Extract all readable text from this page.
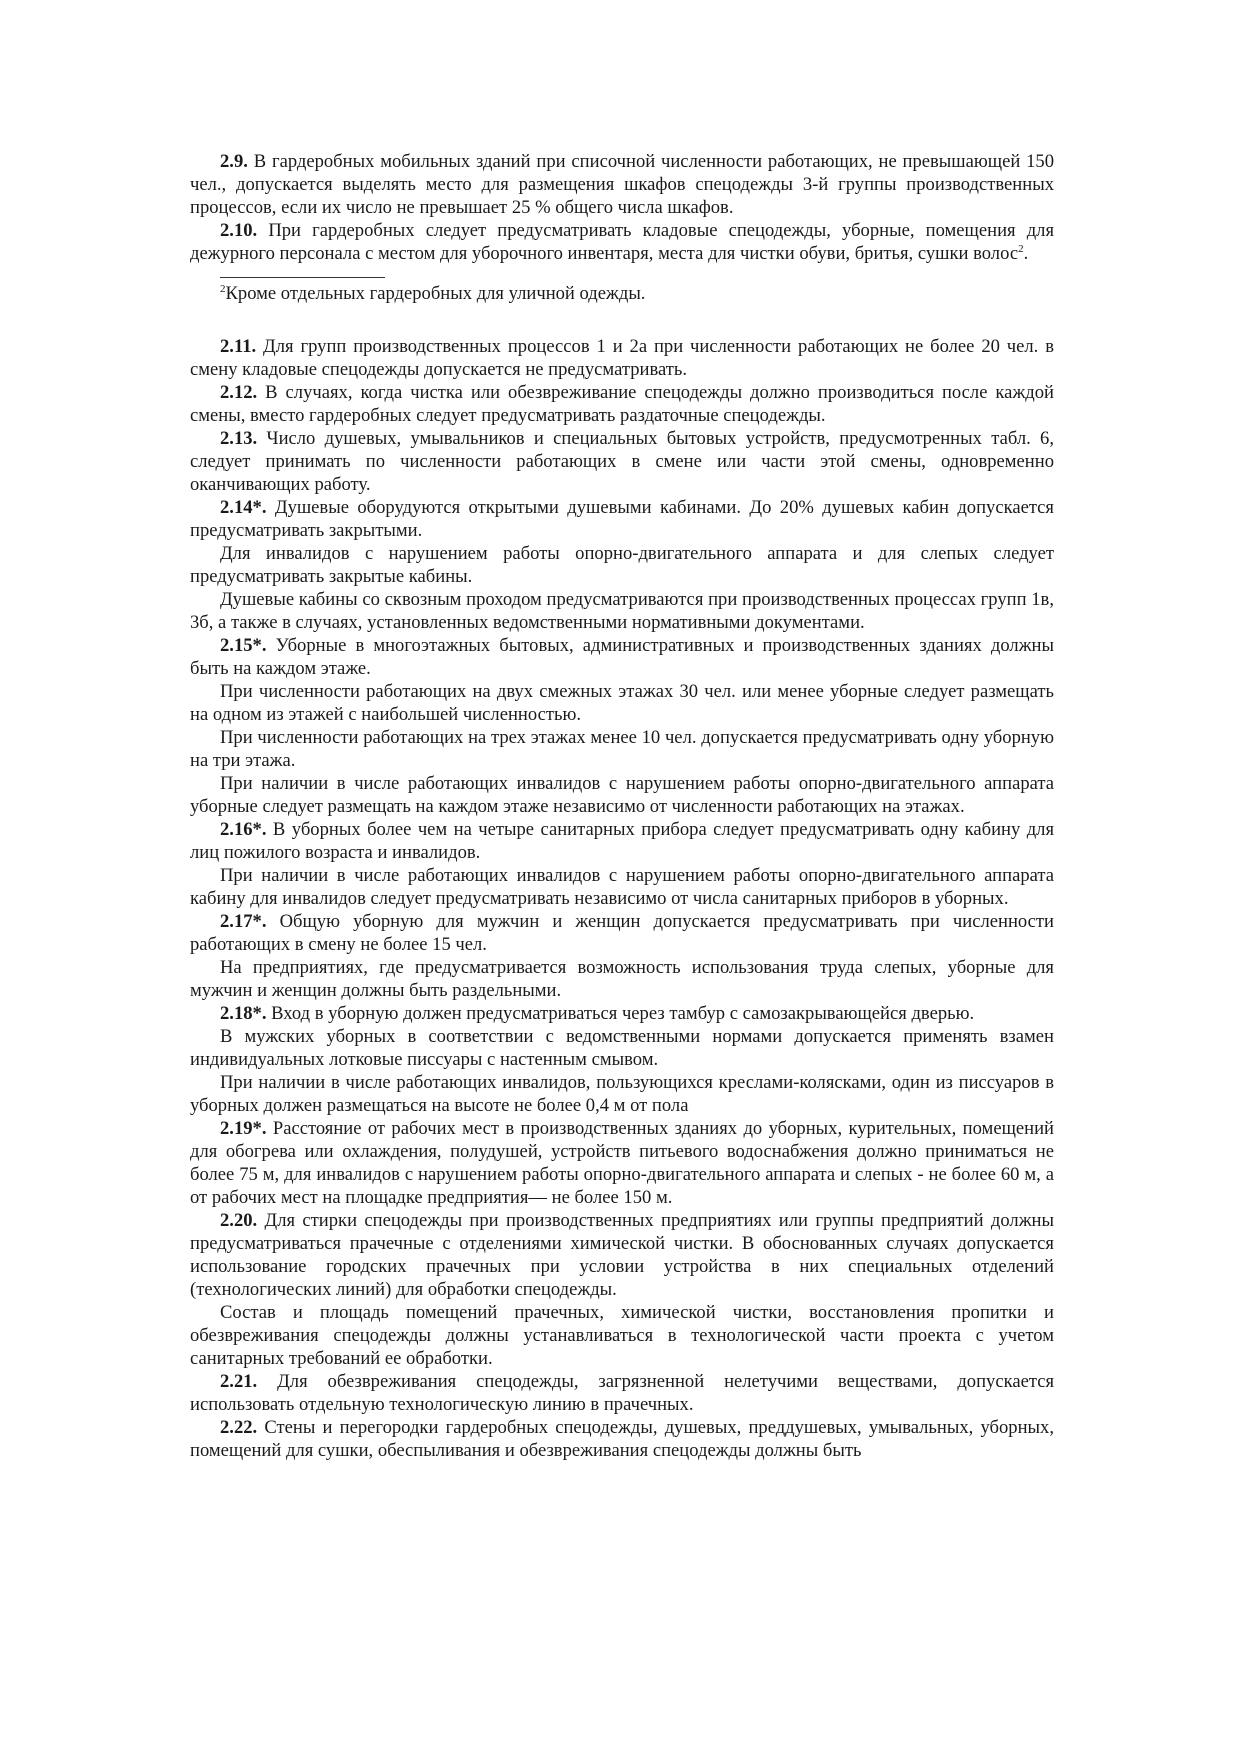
2.9. В гардеробных мобильных зданий при списочной численности работающих, не превышающей 150 чел., допускается выделять место для размещения шкафов спецодежды 3-й группы производственных процессов, если их число не превышает 25 % общего числа шкафов.

2.10. При гардеробных следует предусматривать кладовые спецодежды, уборные, помещения для дежурного персонала с местом для уборочного инвентаря, места для чистки обуви, бритья, сушки волос$^2$.

$^2$Кроме отдельных гардеробных для уличной одежды.

2.11. Для групп производственных процессов 1 и 2а при численности работающих не более 20 чел. в смену кладовые спецодежды допускается не предусматривать.

2.12. В случаях, когда чистка или обезвреживание спецодежды должно производиться после каждой смены, вместо гардеробных следует предусматривать раздаточные спецодежды.

2.13. Число душевых, умывальников и специальных бытовых устройств, предусмотренных табл. 6, следует принимать по численности работающих в смене или части этой смены, одновременно оканчивающих работу.

2.14*. Душевые оборудуются открытыми душевыми кабинами. До 20% душевых кабин допускается предусматривать закрытыми.

Для инвалидов с нарушением работы опорно-двигательного аппарата и для слепых следует предусматривать закрытые кабины.

Душевые кабины со сквозным проходом предусматриваются при производственных процессах групп 1в, 3б, а также в случаях, установленных ведомственными нормативными документами.

2.15*. Уборные в многоэтажных бытовых, административных и производственных зданиях должны быть на каждом этаже.

При численности работающих на двух смежных этажах 30 чел. или менее уборные следует размещать на одном из этажей с наибольшей численностью.

При численности работающих на трех этажах менее 10 чел. допускается предусматривать одну уборную на три этажа.

При наличии в числе работающих инвалидов с нарушением работы опорно-двигательного аппарата уборные следует размещать на каждом этаже независимо от численности работающих на этажах.

2.16*. В уборных более чем на четыре санитарных прибора следует предусматривать одну кабину для лиц пожилого возраста и инвалидов.

При наличии в числе работающих инвалидов с нарушением работы опорно-двигательного аппарата кабину для инвалидов следует предусматривать независимо от числа санитарных приборов в уборных.

2.17*. Общую уборную для мужчин и женщин допускается предусматривать при численности работающих в смену не более 15 чел.

На предприятиях, где предусматривается возможность использования труда слепых, уборные для мужчин и женщин должны быть раздельными.

2.18*. Вход в уборную должен предусматриваться через тамбур с самозакрывающейся дверью.

В мужских уборных в соответствии с ведомственными нормами допускается применять взамен индивидуальных лотковые писсуары с настенным смывом.

При наличии в числе работающих инвалидов, пользующихся креслами-колясками, один из писсуаров в уборных должен размещаться на высоте не более 0,4 м от пола

2.19*. Расстояние от рабочих мест в производственных зданиях до уборных, курительных, помещений для обогрева или охлаждения, полудушей, устройств питьевого водоснабжения должно приниматься не более 75 м, для инвалидов с нарушением работы опорно-двигательного аппарата и слепых - не более 60 м, а от рабочих мест на площадке предприятия— не более 150 м.

2.20. Для стирки спецодежды при производственных предприятиях или группы предприятий должны предусматриваться прачечные с отделениями химической чистки. В обоснованных случаях допускается использование городских прачечных при условии устройства в них специальных отделений (технологических линий) для обработки спецодежды.

Состав и площадь помещений прачечных, химической чистки, восстановления пропитки и обезвреживания спецодежды должны устанавливаться в технологической части проекта с учетом санитарных требований ее обработки.

2.21. Для обезвреживания спецодежды, загрязненной нелетучими веществами, допускается использовать отдельную технологическую линию в прачечных.

2.22. Стены и перегородки гардеробных спецодежды, душевых, преддушевых, умывальных, уборных, помещений для сушки, обеспыливания и обезвреживания спецодежды должны быть
